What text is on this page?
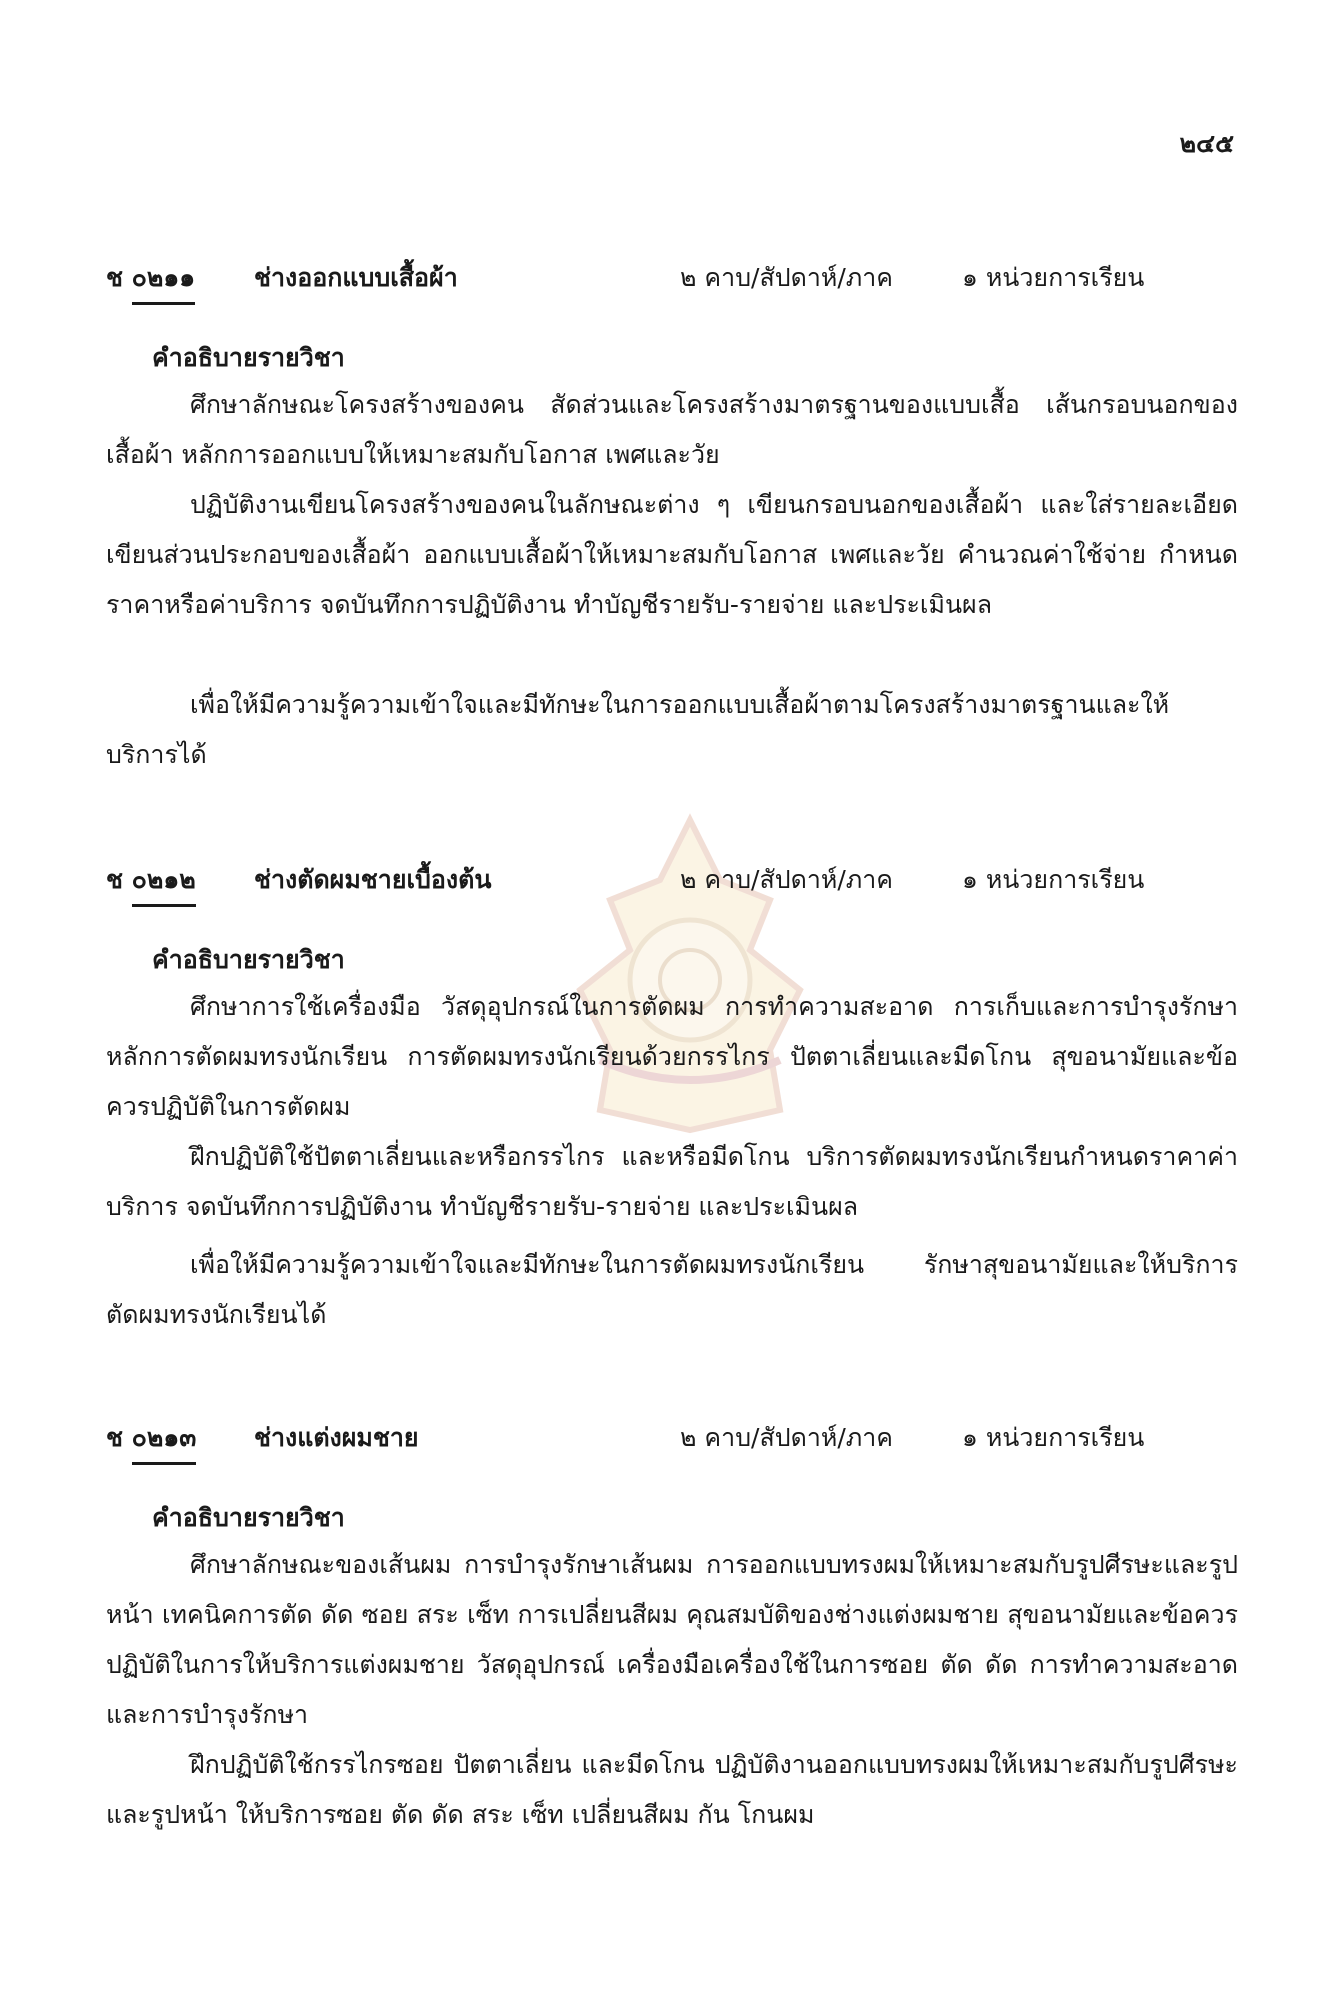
๒๔๕
ช ๐๒๑๑ ช่างออกแบบเสื้อผ้า	๒ คาบ/สัปดาห์/ภาค	๑ หน่วยการเรียน
คำอธิบายรายวิชา

ศึกษาลักษณะโครงสร้างของคน สัดส่วนและโครงสร้างมาตรฐานของแบบเสื้อ เส้นกรอบนอกของเสื้อผ้า หลักการออกแบบให้เหมาะสมกับโอกาส เพศและวัย

ปฏิบัติงานเขียนโครงสร้างของคนในลักษณะต่าง ๆ เขียนกรอบนอกของเสื้อผ้า และใส่รายละเอียด เขียนส่วนประกอบของเสื้อผ้า ออกแบบเสื้อผ้าให้เหมาะสมกับโอกาส เพศและวัย คำนวณค่าใช้จ่าย กำหนดราคาหรือค่าบริการ จดบันทึกการปฏิบัติงาน ทำบัญชีรายรับ-รายจ่าย และประเมินผล

เพื่อให้มีความรู้ความเข้าใจและมีทักษะในการออกแบบเสื้อผ้าตามโครงสร้างมาตรฐานและให้บริการได้

ช ๐๒๑๒ ช่างตัดผมชายเบื้องต้น	๒ คาบ/สัปดาห์/ภาค	๑ หน่วยการเรียน
คำอธิบายรายวิชา

ศึกษาการใช้เครื่องมือ วัสดุอุปกรณ์ในการตัดผม การทำความสะอาด การเก็บและการบำรุงรักษา หลักการตัดผมทรงนักเรียน การตัดผมทรงนักเรียนด้วยกรรไกร ปัตตาเลี่ยนและมีดโกน สุขอนามัยและข้อควรปฏิบัติในการตัดผม

ฝึกปฏิบัติใช้ปัตตาเลี่ยนและหรือกรรไกร และหรือมีดโกน บริการตัดผมทรงนักเรียนกำหนดราคาค่าบริการ จดบันทึกการปฏิบัติงาน ทำบัญชีรายรับ-รายจ่าย และประเมินผล

เพื่อให้มีความรู้ความเข้าใจและมีทักษะในการตัดผมทรงนักเรียน รักษาสุขอนามัยและให้บริการตัดผมทรงนักเรียนได้

ช ๐๒๑๓ ช่างแต่งผมชาย	๒ คาบ/สัปดาห์/ภาค	๑ หน่วยการเรียน
คำอธิบายรายวิชา

ศึกษาลักษณะของเส้นผม การบำรุงรักษาเส้นผม การออกแบบทรงผมให้เหมาะสมกับรูปศีรษะและรูปหน้า เทคนิคการตัด ดัด ซอย สระ เซ็ท การเปลี่ยนสีผม คุณสมบัติของช่างแต่งผมชาย สุขอนามัยและข้อควรปฏิบัติในการให้บริการแต่งผมชาย วัสดุอุปกรณ์ เครื่องมือเครื่องใช้ในการซอย ตัด ดัด การทำความสะอาดและการบำรุงรักษา

ฝึกปฏิบัติใช้กรรไกรซอย ปัตตาเลี่ยน และมีดโกน ปฏิบัติงานออกแบบทรงผมให้เหมาะสมกับรูปศีรษะและรูปหน้า ให้บริการซอย ตัด ดัด สระ เซ็ท เปลี่ยนสีผม กัน โกนผม
